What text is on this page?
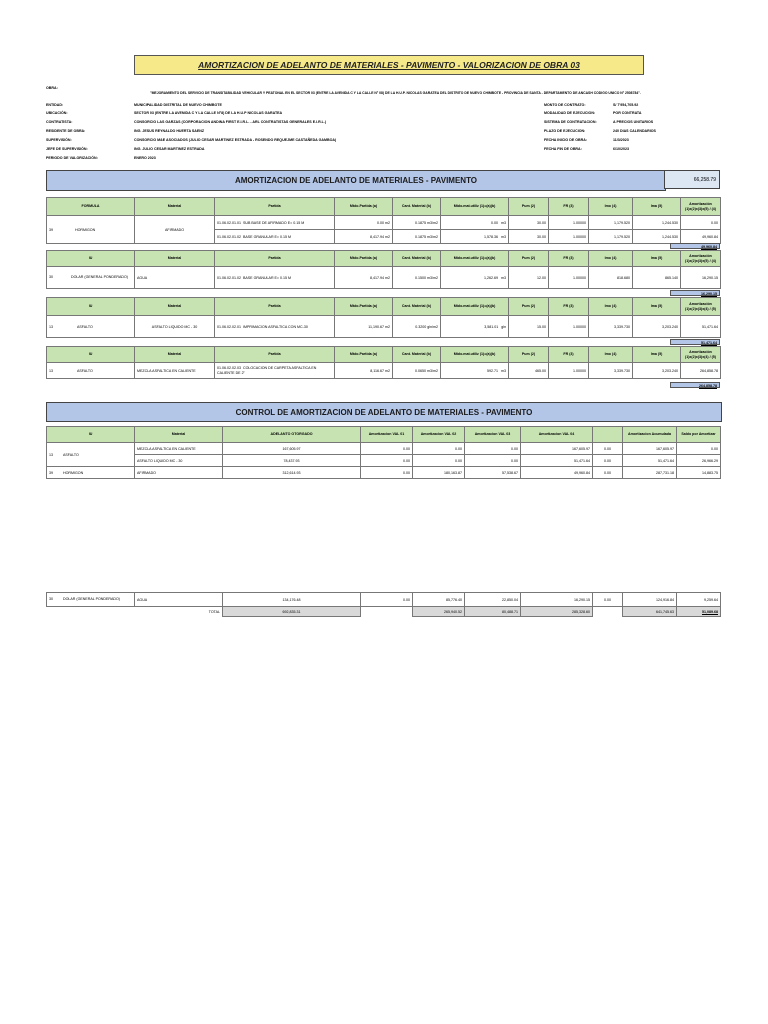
AMORTIZACION DE ADELANTO DE MATERIALES - PAVIMENTO - VALORIZACION DE OBRA 03
OBRA:
"MEJORAMIENTO DEL SERVICIO DE TRANSITABILIDAD VEHICULAR Y PEATONAL EN EL SECTOR 03 (ENTRE LA AVENIDA C Y LA CALLE N° 08) DE LA H.U.P. NICOLAS GARATEA DEL DISTRITO DE NUEVO CHIMBOTE - PROVINCIA DE SANTA - DEPARTAMENTO DE ANCASH CODIGO UNICO N° 2508784".
ENTIDAD:	MUNICIPALIDAD DISTRITAL DE NUEVO CHIMBOTE
UBICACIÓN:	SECTOR 03 (ENTRE LA AVENIDA C Y LA CALLE N°8) DE LA H.U.P NICOLAS GARATEA
CONTRATISTA:	CONSORCIO LAS GARZAS (CORPORACION ANDINA FIRST E.I.R.L. - ARL CONTRATISTAS GENERALES E.I.R.L.)
RESIDENTE DE OBRA:	ING. JESUS REYNALDO HUERTA SAENZ
SUPERVISIÓN:	CONSORCIO M&E ASOCIADOS (JULIO CESAR MARTINEZ ESTRADA - ROSENDO REQUEJME CASTAÑEDA GAMBOA)
JEFE DE SUPERVISIÓN:	ING. JULIO CESAR MARTINEZ ESTRADA
PERIODO DE VALORIZACIÓN:	ENERO 2023
MONTO DE CONTRATO:	S/ 7'954,705.92
MODALIDAD DE EJECUCION:	POR CONTRATA
SISTEMA DE CONTRATACION:	A PRECIOS UNITARIOS
PLAZO DE EJECUCION:	240 DIAS CALENDARIOS
FECHA INICIO DE OBRA:	11/3/2023
FECHA FIN DE OBRA:	6/10/2023
AMORTIZACION DE ADELANTO DE MATERIALES - PAVIMENTO	66,258.79
FORMULA	Material	Partida	Mtdo.Partida (a)	Cant. Material (b)	Mtdo.mat.utiliz (1)=(a)(b)	Pum (2)	FR (3)	Imo (4)	Ima (5)	Amortización (1)x(2)x(3)x(5) / (4)
39 HORMIGON	AFIRMADO	01.06.02.01.01 SUB BASE DE AFIRMADO E= 0.15 M	0.00 m2	0.1875 m3/m2	0.00 m3	30.00	1.00000	1,179.520	1,244.530	0.00
		01.06.02.01.02 BASE GRANULAR E= 0.15 M	8,417.94 m2	0.1875 m3/m2	1,578.36 m3	30.00	1.00000	1,179.520	1,244.530	49,960.84
49,960.84
IU	Material	Partida	Mtdo.Partida (a)	Cant. Material (b)	Mtdo.mat.utiliz (1)=(a)(b)	Pum (2)	FR (3)	Imo (4)	Ima (5)	Amortización (1)x(2)x(3)x(5) / (4)
30 DOLAR (GENERAL PONDERADO)	AGUA	01.06.02.01.02 BASE GRANULAR E= 0.15 M	8,417.94 m2	0.1500 m3/m2	1,262.69 m3	12.00	1.00000	818.680	865.140	16,290.15
16,290.15
IU	Material	Partida	Mtdo.Partida (a)	Cant. Material (b)	Mtdo.mat.utiliz (1)=(a)(b)	Pum (2)	FR (3)	Imo (4)	Ima (5)	Amortización (1)x(2)x(3)x(4) / (5)
13 ASFALTO	ASFALTO LIQUIDO MC - 30	01.06.02.02.01 IMPRIMACION ASFALTICA CON MC-30	11,190.67 m2	0.3200 gln/m2	3,581.01 gln	15.00	1.00000	3,339.730	3,203.240	51,471.64
51,471.64
IU	Material	Partida	Mtdo.Partida (a)	Cant. Material (b)	Mtdo.mat.utiliz (1)=(a)(b)	Pum (2)	FR (3)	Imo (4)	Ima (5)	Amortización (1)x(2)x(3)x(4) / (5)
13 ASFALTO	MEZCLA ASFALTICA EN CALIENTE	01.06.02.02.03 COLOCACION DE CARPETA ASFALTICA EN CALIENTE DE 2"	8,116.67 m2	0.0650 m3/m2	592.71 m3	465.00	1.00000	3,339.730	3,203.240	264,858.78
264,858.78
CONTROL DE AMORTIZACION DE ADELANTO DE MATERIALES - PAVIMENTO
IU	Material	ADELANTO OTORGADO	Amortizacion VAL 01	Amortizacion VAL 02	Amortizacion VAL 03	Amortizacion VAL 04		Amortizacion Acumulada	Saldo por Amortizar
13 ASFALTO	MEZCLA ASFALTICA EN CALIENTE	167,605.97	0.00	0.00	0.00	167,605.97	0.00	167,605.97	0.00
	ASFALTO LIQUIDO MC - 30	78,437.93	0.00	0.00	0.00	51,471.64	0.00	51,471.64	26,966.29
39 HORMIGON	AFIRMADO	312,614.93	0.00	180,163.87	57,538.67	49,960.84	0.00	287,731.18	14,883.75
30 DOLAR (GENERAL PONDERADO)	AGUA	134,176.48	0.00	85,776.40	22,850.04	16,290.15	0.00	124,916.84	9,259.64
	TOTAL	692,835.31		265,940.52	80,488.71	285,328.60		641,745.63	51,089.68
